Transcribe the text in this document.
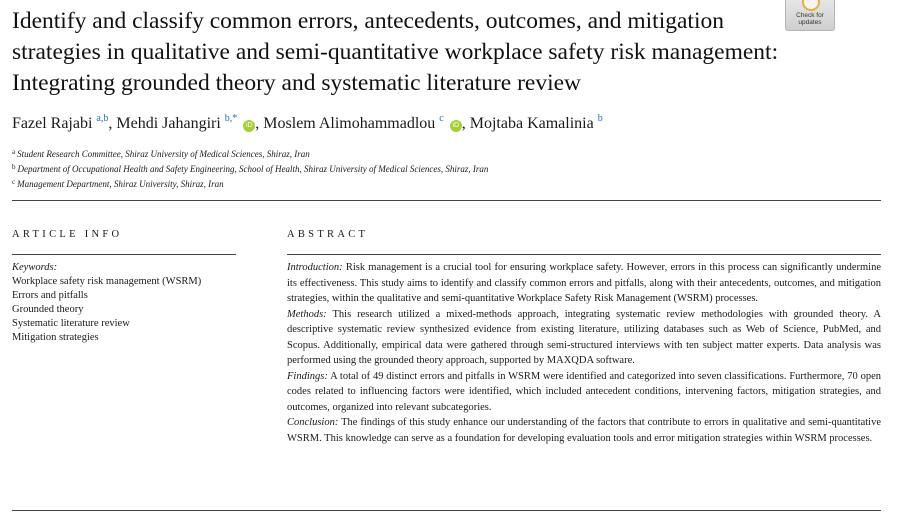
Identify and classify common errors, antecedents, outcomes, and mitigation strategies in qualitative and semi-quantitative workplace safety risk management: Integrating grounded theory and systematic literature review
Check for
updates
Fazel Rajabi $^{a,b}$, Mehdi Jahangiri $^{b,*}$ iD , Moslem Alimohammadlou $^c$ iD , Mojtaba Kamalinia $^b$
$^a$ Student Research Committee, Shiraz University of Medical Sciences, Shiraz, Iran
$^b$ Department of Occupational Health and Safety Engineering, School of Health, Shiraz University of Medical Sciences, Shiraz, Iran
$^c$ Management Department, Shiraz University, Shiraz, Iran
ARTICLE INFO	ABSTRACT
Keywords:
Workplace safety risk management (WSRM)
Errors and pitfalls
Grounded theory
Systematic literature review
Mitigation strategies

Introduction: Risk management is a crucial tool for ensuring workplace safety. However, errors in this process can significantly undermine its effectiveness. This study aims to identify and classify common errors and pitfalls, along with their antecedents, outcomes, and mitigation strategies, within the qualitative and semi-quantitative Workplace Safety Risk Management (WSRM) processes.

Methods: This research utilized a mixed-methods approach, integrating systematic review methodologies with grounded theory. A descriptive systematic review synthesized evidence from existing literature, utilizing databases such as Web of Science, PubMed, and Scopus. Additionally, empirical data were gathered through semi-structured interviews with ten subject matter experts. Data analysis was performed using the grounded theory approach, supported by MAXQDA software.

Findings: A total of 49 distinct errors and pitfalls in WSRM were identified and categorized into seven classifications. Furthermore, 70 open codes related to influencing factors were identified, which included antecedent conditions, intervening factors, mitigation strategies, and outcomes, organized into relevant subcategories.

Conclusion: The findings of this study enhance our understanding of the factors that contribute to errors in qualitative and semi-quantitative WSRM. This knowledge can serve as a foundation for developing evaluation tools and error mitigation strategies within WSRM processes.
